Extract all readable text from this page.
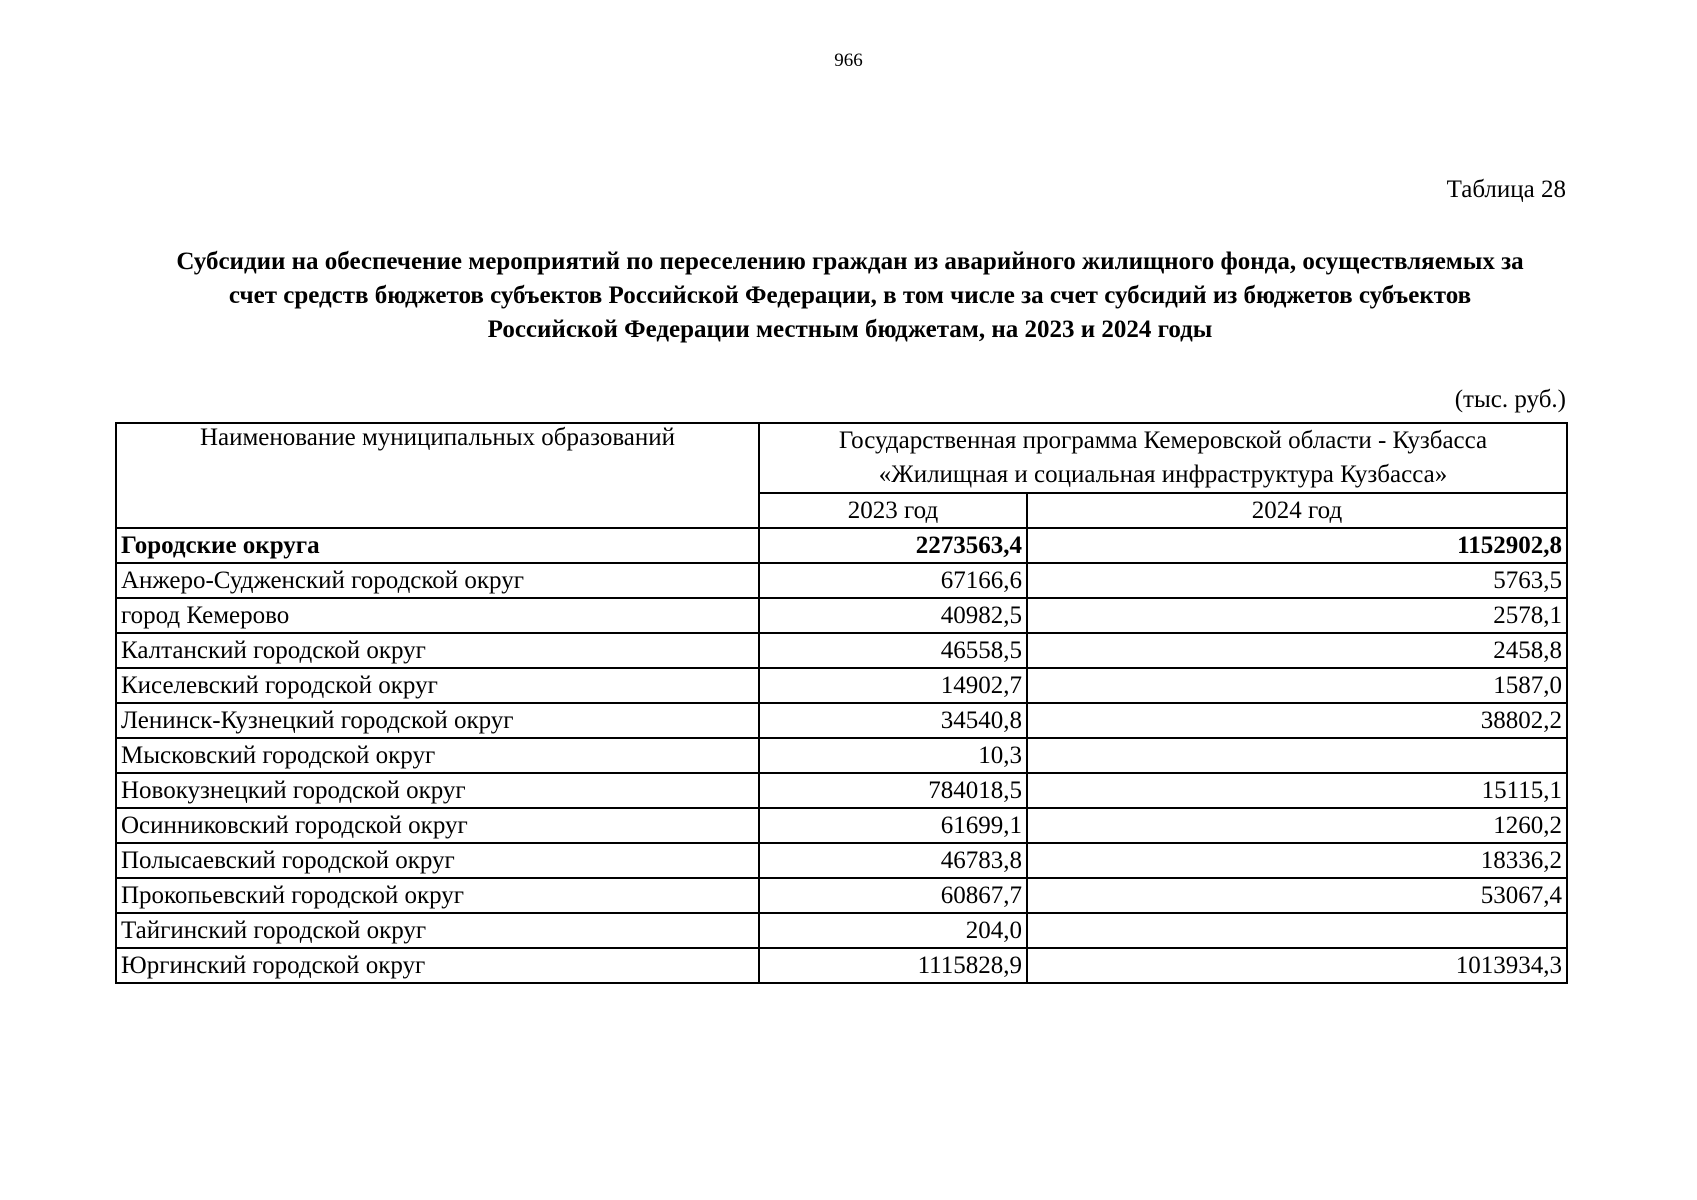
966
Таблица 28
Субсидии на обеспечение мероприятий по переселению граждан из аварийного жилищного фонда, осуществляемых за
счет средств бюджетов субъектов Российской Федерации, в том числе за счет субсидий из бюджетов субъектов
Российской Федерации местным бюджетам, на 2023 и 2024 годы
(тыс. руб.)
Наименование муниципальных образований	Государственная программа Кемеровской области - Кузбасса
«Жилищная и социальная инфраструктура Кузбасса»	

	2023 год	2024 год
Городские округа	2273563,4	1152902,8
Анжеро-Судженский городской округ	67166,6	5763,5
город Кемерово	40982,5	2578,1
Калтанский городской округ	46558,5	2458,8
Киселевский городской округ	14902,7	1587,0
Ленинск-Кузнецкий городской округ	34540,8	38802,2
Мысковский городской округ	10,3	
Новокузнецкий городской округ	784018,5	15115,1
Осинниковский городской округ	61699,1	1260,2
Полысаевский городской округ	46783,8	18336,2
Прокопьевский городской округ	60867,7	53067,4
Тайгинский городской округ	204,0	
Юргинский городской округ	1115828,9	1013934,3
